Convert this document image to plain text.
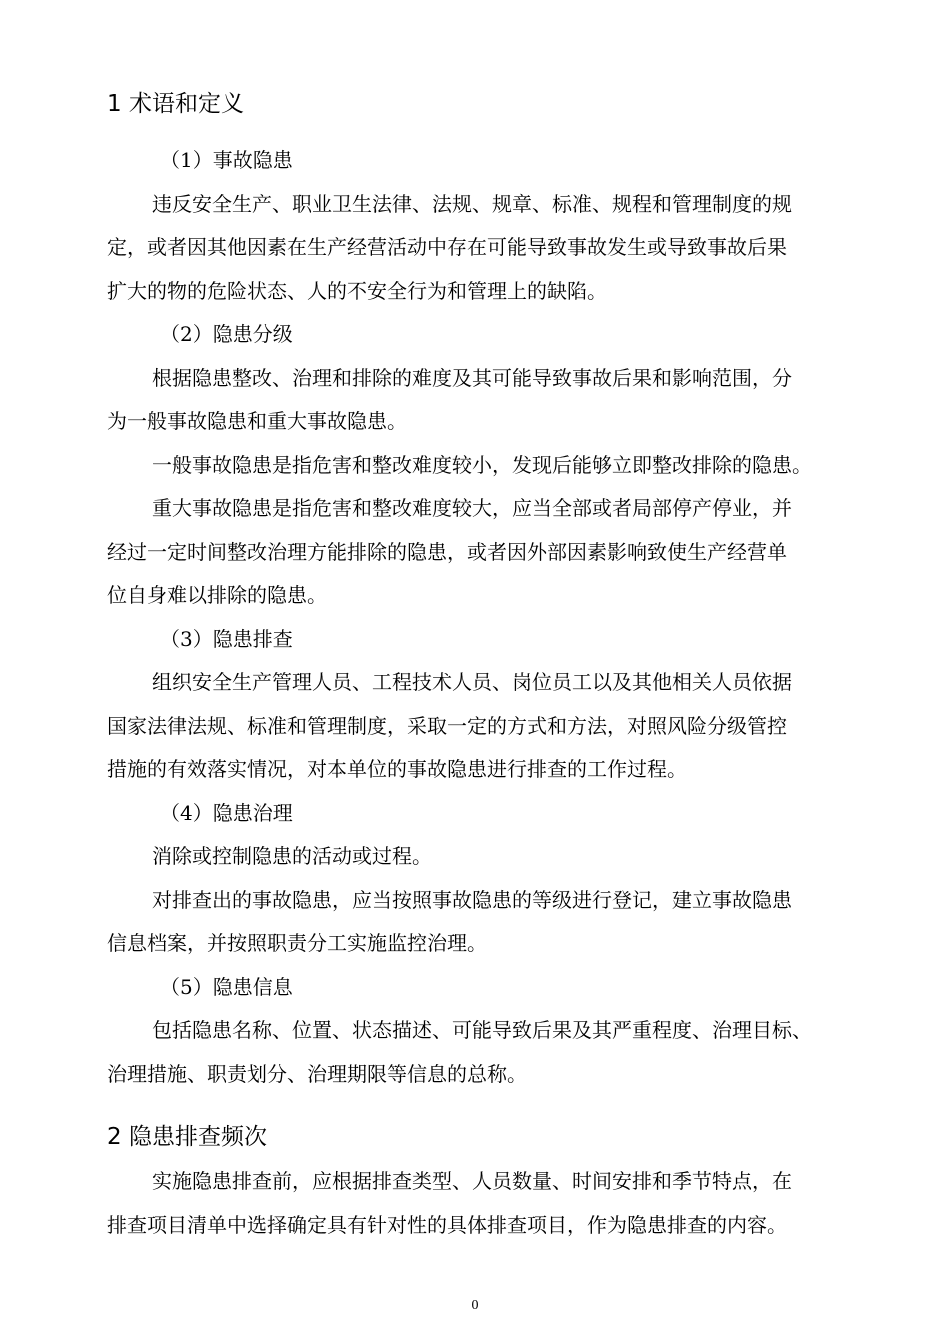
1 术语和定义
（1）事故隐患
违反安全生产、职业卫生法律、法规、规章、标准、规程和管理制度的规
定，或者因其他因素在生产经营活动中存在可能导致事故发生或导致事故后果
扩大的物的危险状态、人的不安全行为和管理上的缺陷。
（2）隐患分级
根据隐患整改、治理和排除的难度及其可能导致事故后果和影响范围，分
为一般事故隐患和重大事故隐患。
一般事故隐患是指危害和整改难度较小，发现后能够立即整改排除的隐患。
重大事故隐患是指危害和整改难度较大，应当全部或者局部停产停业，并
经过一定时间整改治理方能排除的隐患，或者因外部因素影响致使生产经营单
位自身难以排除的隐患。
（3）隐患排查
组织安全生产管理人员、工程技术人员、岗位员工以及其他相关人员依据
国家法律法规、标准和管理制度，采取一定的方式和方法，对照风险分级管控
措施的有效落实情况，对本单位的事故隐患进行排查的工作过程。
（4）隐患治理
消除或控制隐患的活动或过程。
对排查出的事故隐患，应当按照事故隐患的等级进行登记，建立事故隐患
信息档案，并按照职责分工实施监控治理。
（5）隐患信息
包括隐患名称、位置、状态描述、可能导致后果及其严重程度、治理目标、
治理措施、职责划分、治理期限等信息的总称。
2 隐患排查频次
实施隐患排查前，应根据排查类型、人员数量、时间安排和季节特点，在
排查项目清单中选择确定具有针对性的具体排查项目，作为隐患排查的内容。
0
